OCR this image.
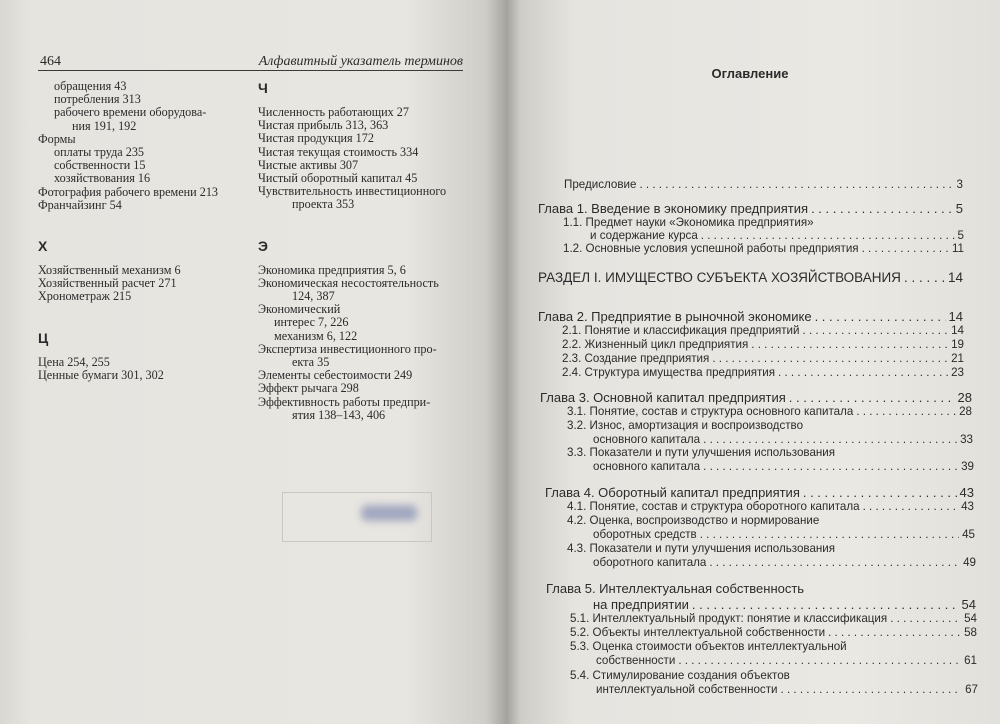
464	Алфавитный указатель терминов
обращения 43
потребления 313
рабочего времени оборудова-
ния 191, 192
Формы
оплаты труда 235
собственности 15
хозяйствования 16
Фотография рабочего времени 213
Франчайзинг 54
Х
Хозяйственный механизм 6
Хозяйственный расчет 271
Хронометраж 215
Ц
Цена 254, 255
Ценные бумаги 301, 302
Ч
Численность работающих 27
Чистая прибыль 313, 363
Чистая продукция 172
Чистая текущая стоимость 334
Чистые активы 307
Чистый оборотный капитал 45
Чувствительность инвестиционного
проекта 353
Э
Экономика предприятия 5, 6
Экономическая несостоятельность
124, 387
Экономический
интерес 7, 226
механизм 6, 122
Экспертиза инвестиционного про-
екта 35
Элементы себестоимости 249
Эффект рычага 298
Эффективность работы предпри-
ятия 138–143, 406
Оглавление
Предисловие . . .	3
Глава 1. Введение в экономику предприятия . . .	5
1.1. Предмет науки «Экономика предприятия»
и содержание курса . . .	5
1.2. Основные условия успешной работы предприятия . . .	11
РАЗДЕЛ I. ИМУЩЕСТВО СУБЪЕКТА ХОЗЯЙСТВОВАНИЯ . . .	14
Глава 2. Предприятие в рыночной экономике . . .	14
2.1. Понятие и классификация предприятий . . .	14
2.2. Жизненный цикл предприятия . . .	19
2.3. Создание предприятия . . .	21
2.4. Структура имущества предприятия . . .	23
Глава 3. Основной капитал предприятия . . .	28
3.1. Понятие, состав и структура основного капитала . . .	28
3.2. Износ, амортизация и воспроизводство
основного капитала . . .	33
3.3. Показатели и пути улучшения использования
основного капитала . . .	39
Глава 4. Оборотный капитал предприятия . . .	43
4.1. Понятие, состав и структура оборотного капитала . . .	43
4.2. Оценка, воспроизводство и нормирование
оборотных средств . . .	45
4.3. Показатели и пути улучшения использования
оборотного капитала . . .	49
Глава 5. Интеллектуальная собственность
на предприятии . . .	54
5.1. Интеллектуальный продукт: понятие и классификация . . .	54
5.2. Объекты интеллектуальной собственности . . .	58
5.3. Оценка стоимости объектов интеллектуальной
собственности . . .	61
5.4. Стимулирование создания объектов
интеллектуальной собственности . . .	67
